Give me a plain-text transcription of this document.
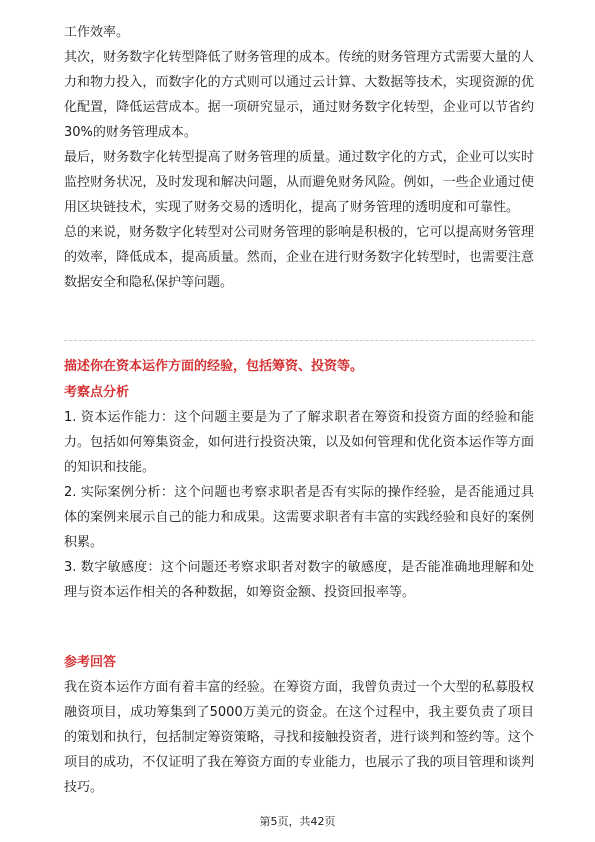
工作效率。

其次，财务数字化转型降低了财务管理的成本。传统的财务管理方式需要大量的人力和物力投入，而数字化的方式则可以通过云计算、大数据等技术，实现资源的优化配置，降低运营成本。据一项研究显示，通过财务数字化转型，企业可以节省约30%的财务管理成本。

最后，财务数字化转型提高了财务管理的质量。通过数字化的方式，企业可以实时监控财务状况，及时发现和解决问题，从而避免财务风险。例如，一些企业通过使用区块链技术，实现了财务交易的透明化，提高了财务管理的透明度和可靠性。

总的来说，财务数字化转型对公司财务管理的影响是积极的，它可以提高财务管理的效率，降低成本，提高质量。然而，企业在进行财务数字化转型时，也需要注意数据安全和隐私保护等问题。

描述你在资本运作方面的经验，包括筹资、投资等。
考察点分析

1. 资本运作能力：这个问题主要是为了了解求职者在筹资和投资方面的经验和能力。包括如何筹集资金，如何进行投资决策，以及如何管理和优化资本运作等方面的知识和技能。

2. 实际案例分析：这个问题也考察求职者是否有实际的操作经验，是否能通过具体的案例来展示自己的能力和成果。这需要求职者有丰富的实践经验和良好的案例积累。

3. 数字敏感度：这个问题还考察求职者对数字的敏感度，是否能准确地理解和处理与资本运作相关的各种数据，如筹资金额、投资回报率等。

参考回答

我在资本运作方面有着丰富的经验。在筹资方面，我曾负责过一个大型的私募股权融资项目，成功筹集到了5000万美元的资金。在这个过程中，我主要负责了项目的策划和执行，包括制定筹资策略，寻找和接触投资者，进行谈判和签约等。这个项目的成功，不仅证明了我在筹资方面的专业能力，也展示了我的项目管理和谈判技巧。

第5页，共42页
